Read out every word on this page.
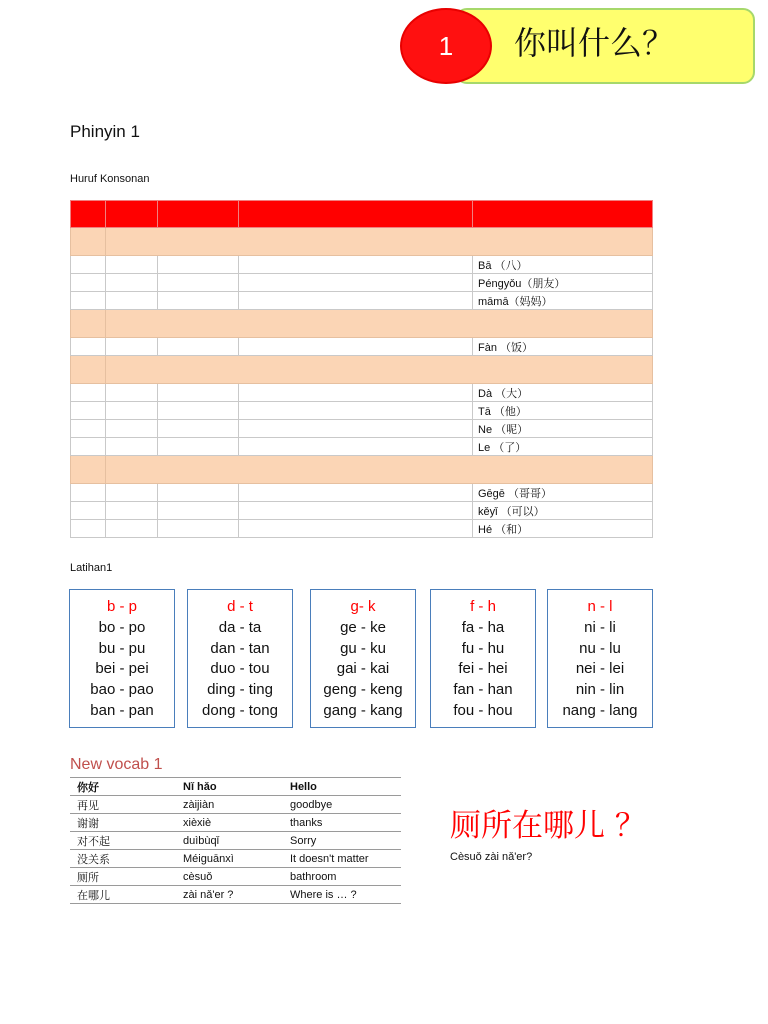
1	你叫什么？
Phinyin 1
Huruf Konsonan

				Bā （八）
				Péngyǒu（朋友）
				māmā（妈妈）

				Fàn （饭）

				Dà （大）
				Tā （他）
				Ne （呢）
				Le （了）

				Gēgē （哥哥）
				kěyǐ （可以）
				Hé （和）
Latihan1
b - p
bo - po
bu - pu
bei - pei
bao - pao
ban - pan
d - t
da - ta
dan - tan
duo - tou
ding - ting
dong - tong
g- k
ge - ke
gu - ku
gai - kai
geng - keng
gang - kang
f - h
fa - ha
fu - hu
fei - hei
fan - han
fou - hou
n - l
ni - li
nu - lu
nei - lei
nin - lin
nang - lang
New vocab 1
你好	Nǐ hǎo	Hello
再见	zàijiàn	goodbye
谢谢	xièxiè	thanks
对不起	duìbùqǐ	Sorry
没关系	Méiguānxì	It doesn't matter
厕所	cèsuǒ	bathroom
在哪儿	zài nǎ'er ?	Where is … ?
厕所在哪儿 ？
Cèsuǒ zài nǎ'er?
